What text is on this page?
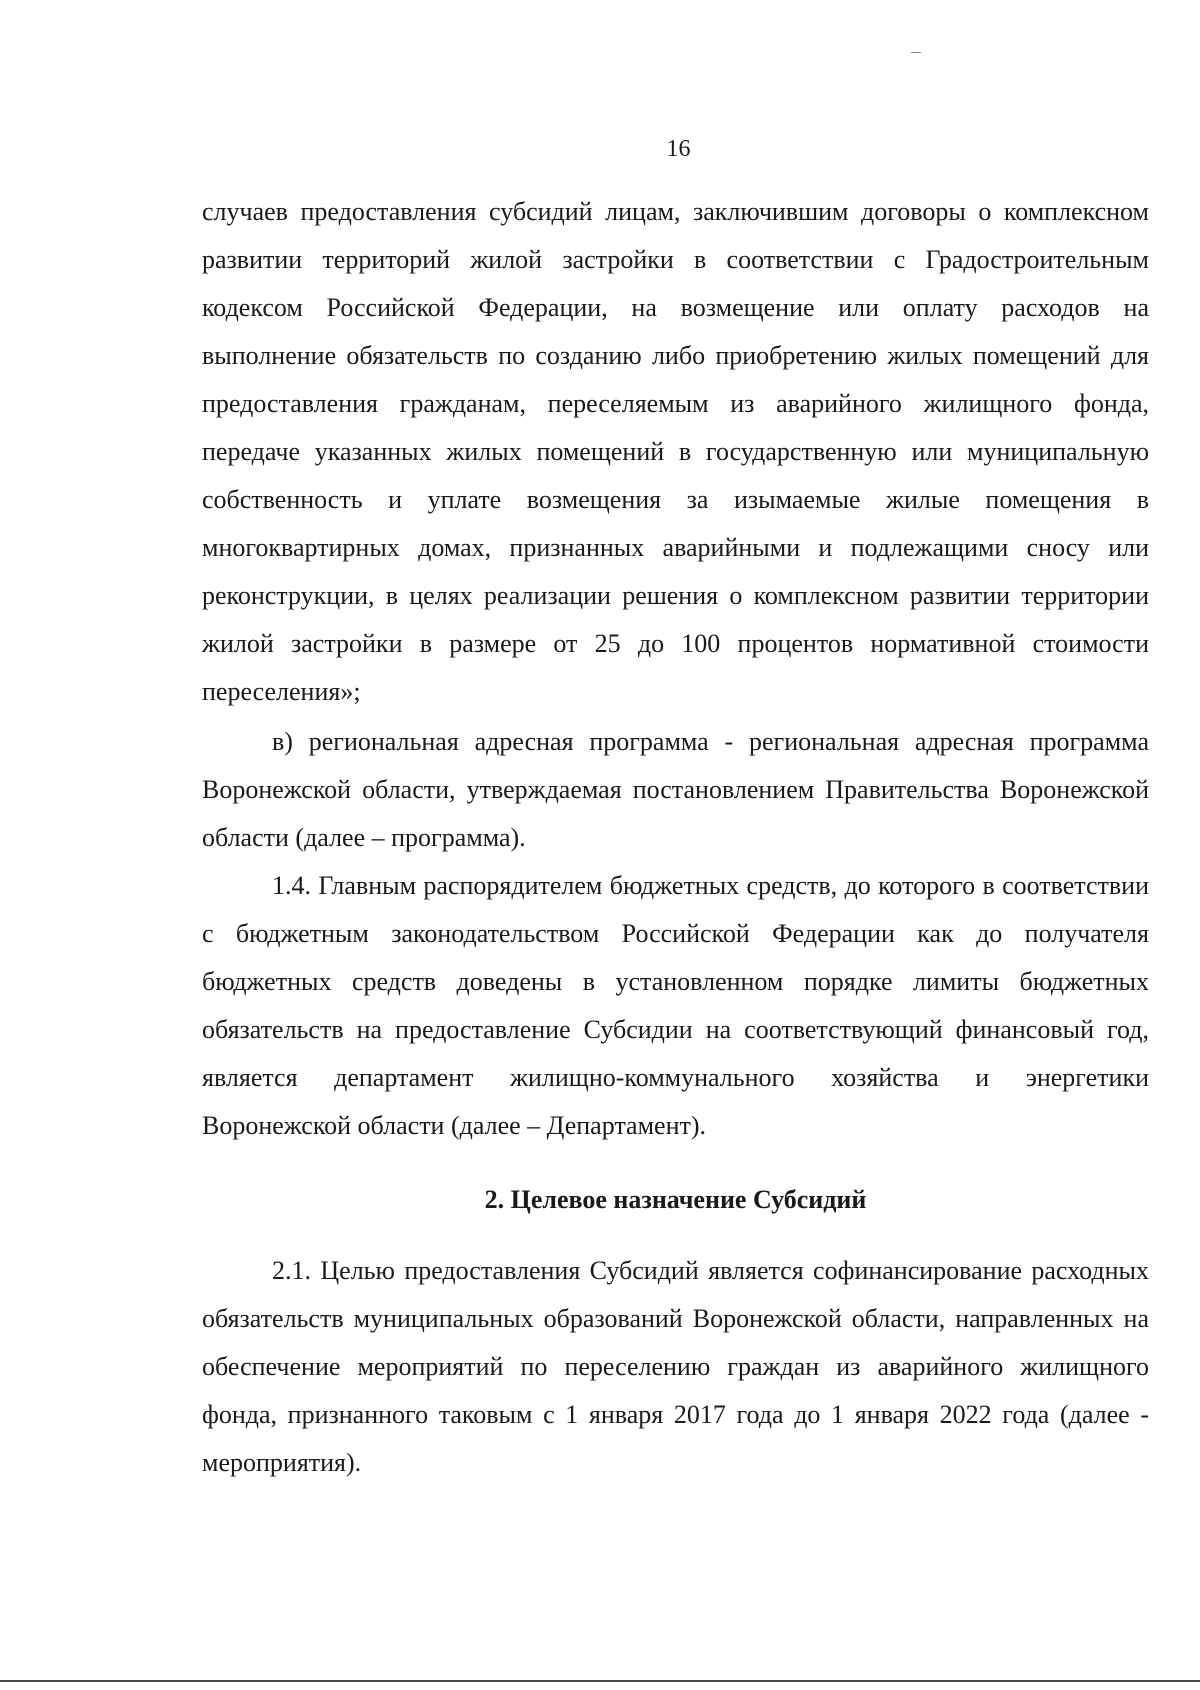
16

случаев предоставления субсидий лицам, заключившим договоры о комплексном развитии территорий жилой застройки в соответствии с Градостроительным кодексом Российской Федерации, на возмещение или оплату расходов на выполнение обязательств по созданию либо приобретению жилых помещений для предоставления гражданам, переселяемым из аварийного жилищного фонда, передаче указанных жилых помещений в государственную или муниципальную собственность и уплате возмещения за изымаемые жилые помещения в многоквартирных домах, признанных аварийными и подлежащими сносу или реконструкции, в целях реализации решения о комплексном развитии территории жилой застройки в размере от 25 до 100 процентов нормативной стоимости переселения»;

в) региональная адресная программа - региональная адресная программа Воронежской области, утверждаемая постановлением Правительства Воронежской области (далее – программа).

1.4. Главным распорядителем бюджетных средств, до которого в соответствии с бюджетным законодательством Российской Федерации как до получателя бюджетных средств доведены в установленном порядке лимиты бюджетных обязательств на предоставление Субсидии на соответствующий финансовый год, является департамент жилищно-коммунального хозяйства и энергетики Воронежской области (далее – Департамент).

2. Целевое назначение Субсидий

2.1. Целью предоставления Субсидий является софинансирование расходных обязательств муниципальных образований Воронежской области, направленных на обеспечение мероприятий по переселению граждан из аварийного жилищного фонда, признанного таковым с 1 января 2017 года до 1 января 2022 года (далее - мероприятия).
